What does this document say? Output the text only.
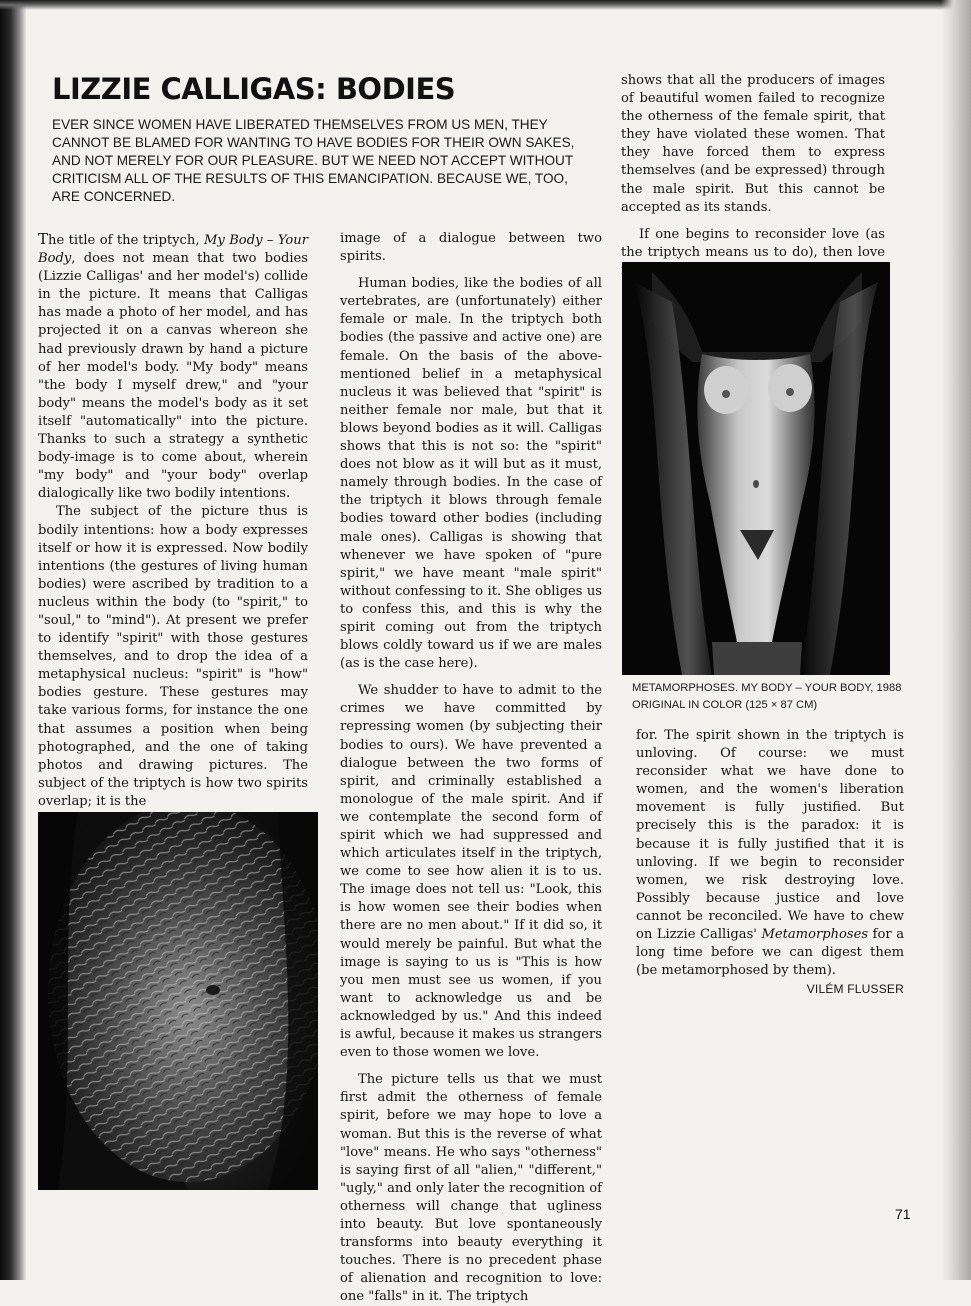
LIZZIE CALLIGAS: BODIES

EVER SINCE WOMEN HAVE LIBERATED THEMSELVES FROM US MEN, THEY CANNOT BE BLAMED FOR WANTING TO HAVE BODIES FOR THEIR OWN SAKES, AND NOT MERELY FOR OUR PLEASURE. BUT WE NEED NOT ACCEPT WITHOUT CRITICISM ALL OF THE RESULTS OF THIS EMANCIPATION. BECAUSE WE, TOO, ARE CONCERNED.

The title of the triptych, My Body – Your Body, does not mean that two bodies (Lizzie Calligas' and her model's) collide in the picture. It means that Calligas has made a photo of her model, and has projected it on a canvas whereon she had previously drawn by hand a picture of her model's body. "My body" means "the body I myself drew," and "your body" means the model's body as it set itself "automatically" into the picture. Thanks to such a strategy a synthetic body-image is to come about, wherein "my body" and "your body" overlap dialogically like two bodily intentions.

The subject of the picture thus is bodily intentions: how a body expresses itself or how it is expressed. Now bodily intentions (the gestures of living human bodies) were ascribed by tradition to a nucleus within the body (to "spirit," to "soul," to "mind"). At present we prefer to identify "spirit" with those gestures themselves, and to drop the idea of a metaphysical nucleus: "spirit" is "how" bodies gesture. These gestures may take various forms, for instance the one that assumes a position when being photographed, and the one of taking photos and drawing pictures. The subject of the triptych is how two spirits overlap; it is the

image of a dialogue between two spirits.

Human bodies, like the bodies of all vertebrates, are (unfortunately) either female or male. In the triptych both bodies (the passive and active one) are female. On the basis of the above-mentioned belief in a metaphysical nucleus it was believed that "spirit" is neither female nor male, but that it blows beyond bodies as it will. Calligas shows that this is not so: the "spirit" does not blow as it will but as it must, namely through bodies. In the case of the triptych it blows through female bodies toward other bodies (including male ones). Calligas is showing that whenever we have spoken of "pure spirit," we have meant "male spirit" without confessing to it. She obliges us to confess this, and this is why the spirit coming out from the triptych blows coldly toward us if we are males (as is the case here).

We shudder to have to admit to the crimes we have committed by repressing women (by subjecting their bodies to ours). We have prevented a dialogue between the two forms of spirit, and criminally established a monologue of the male spirit. And if we contemplate the second form of spirit which we had suppressed and which articulates itself in the triptych, we come to see how alien it is to us. The image does not tell us: "Look, this is how women see their bodies when there are no men about." If it did so, it would merely be painful. But what the image is saying to us is "This is how you men must see us women, if you want to acknowledge us and be acknowledged by us." And this indeed is awful, because it makes us strangers even to those women we love.

The picture tells us that we must first admit the otherness of female spirit, before we may hope to love a woman. But this is the reverse of what "love" means. He who says "otherness" is saying first of all "alien," "different," "ugly," and only later the recognition of otherness will change that ugliness into beauty. But love spontaneously transforms into beauty everything it touches. There is no precedent phase of alienation and recognition to love: one "falls" in it. The triptych

shows that all the producers of images of beautiful women failed to recognize the otherness of the female spirit, that they have violated these women. That they have forced them to express themselves (and be expressed) through the male spirit. But this cannot be accepted as its stands.

If one begins to reconsider love (as the triptych means us to do), then love

METAMORPHOSES. MY BODY – YOUR BODY, 1988
ORIGINAL IN COLOR (125 × 87 CM)

for. The spirit shown in the triptych is unloving. Of course: we must reconsider what we have done to women, and the women's liberation movement is fully justified. But precisely this is the paradox: it is because it is fully justified that it is unloving. If we begin to reconsider women, we risk destroying love. Possibly because justice and love cannot be reconciled. We have to chew on Lizzie Calligas' Metamorphoses for a long time before we can digest them (be metamorphosed by them).
VILÉM FLUSSER

71
